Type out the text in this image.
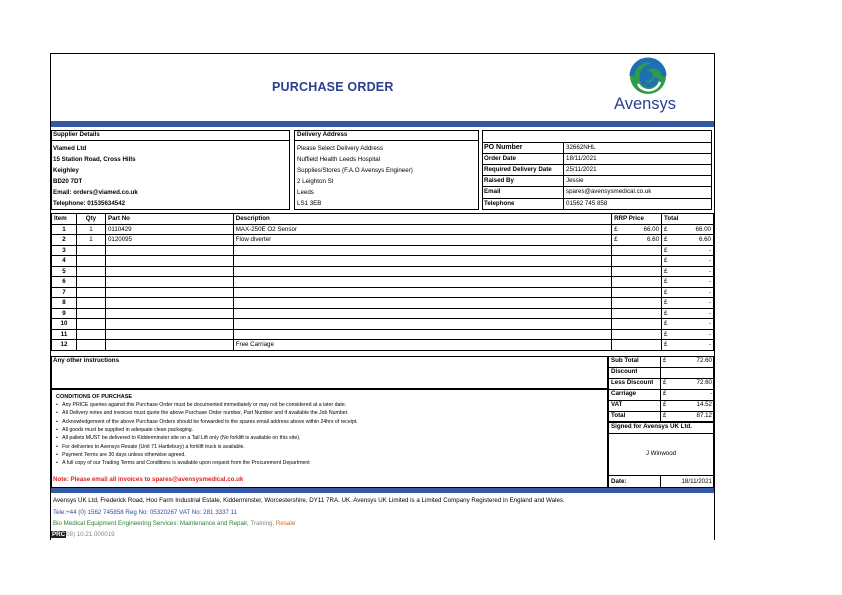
PURCHASE ORDER
Avensys
Supplier Details
Viamed Ltd
15 Station Road, Cross Hills
Keighley
BD20 7DT
Email: orders@viamed.co.uk
Telephone: 01535634542
Delivery Address
Please Select Delivery Address
Nuffield Health Leeds Hospital
Supplies/Stores (F.A.O Avensys Engineer)
2 Leighton St
Leeds
LS1 3EB
PO Number	32662NHL
Order Date	18/11/2021
Required Delivery Date 25/11/2021
Raised By	Jessie
Email	spares@avensysmedical.co.uk
Telephone	01562 745 858
Item	Qty	Part No	Description	RRP Price	Total
1	1	0110429	MAX-250E O2 Sensor	£ 66.00	£ 66.00

2	1	0120095	Flow diverter	£ 6.60	£ 6.60

3					£ -

4					£ -

5					£ -

6					£ -

7					£ -

8					£ -

9					£ -

10					£ -

11					£ -

12			Free Carriage		£ -
Any other instructions	Sub Total	£	72.60
Discount
Less Discount £	72.60
Carriage	£	-
VAT	£	14.52
Total	£	87.12
Signed for Avensys UK Ltd.
J Winwood
Date:	18/11/2021
CONDITIONS OF PURCHASE
•   Any PRICE queries against this Purchase Order must be documented immediately or may not be considered at a later date.
•   All Delivery notes and invoices must quote the above Purchase Order number, Part Number and if available the Job Number.
•   Acknowledgement of the above Purchase Orders should be forwarded to the spares email address above within 24hrs of receipt.
•   All goods must be supplied in adequate clean packaging.
•   All pallets MUST be delivered to Kidderminster site on a Tail Lift only (No forklift is available on this site).
•   For deliveries to Avensys Resale (Unit 71 Hartlebury) a forklift truck is available.
•   Payment Terms are 30 days unless otherwise agreed.
•   A full copy of our Trading Terms and Conditions is available upon request from the Procurement Department
Note: Please email all invoices to spares@avensysmedical.co.uk
Avensys UK Ltd, Frederick Road, Hoo Farm Industrial Estate, Kidderminster, Worcestershire, DY11 7RA. UK. Avensys UK Limited is a Limited Company Registered in England and Wales.
Tele:+44 (0) 1562 745858 Reg No: 05320267 VAT No: 281 3337 11
Bio Medical Equipment Engineering Services: Maintenance and Repair, Training, Resale
PRC08) 10.21.000019
